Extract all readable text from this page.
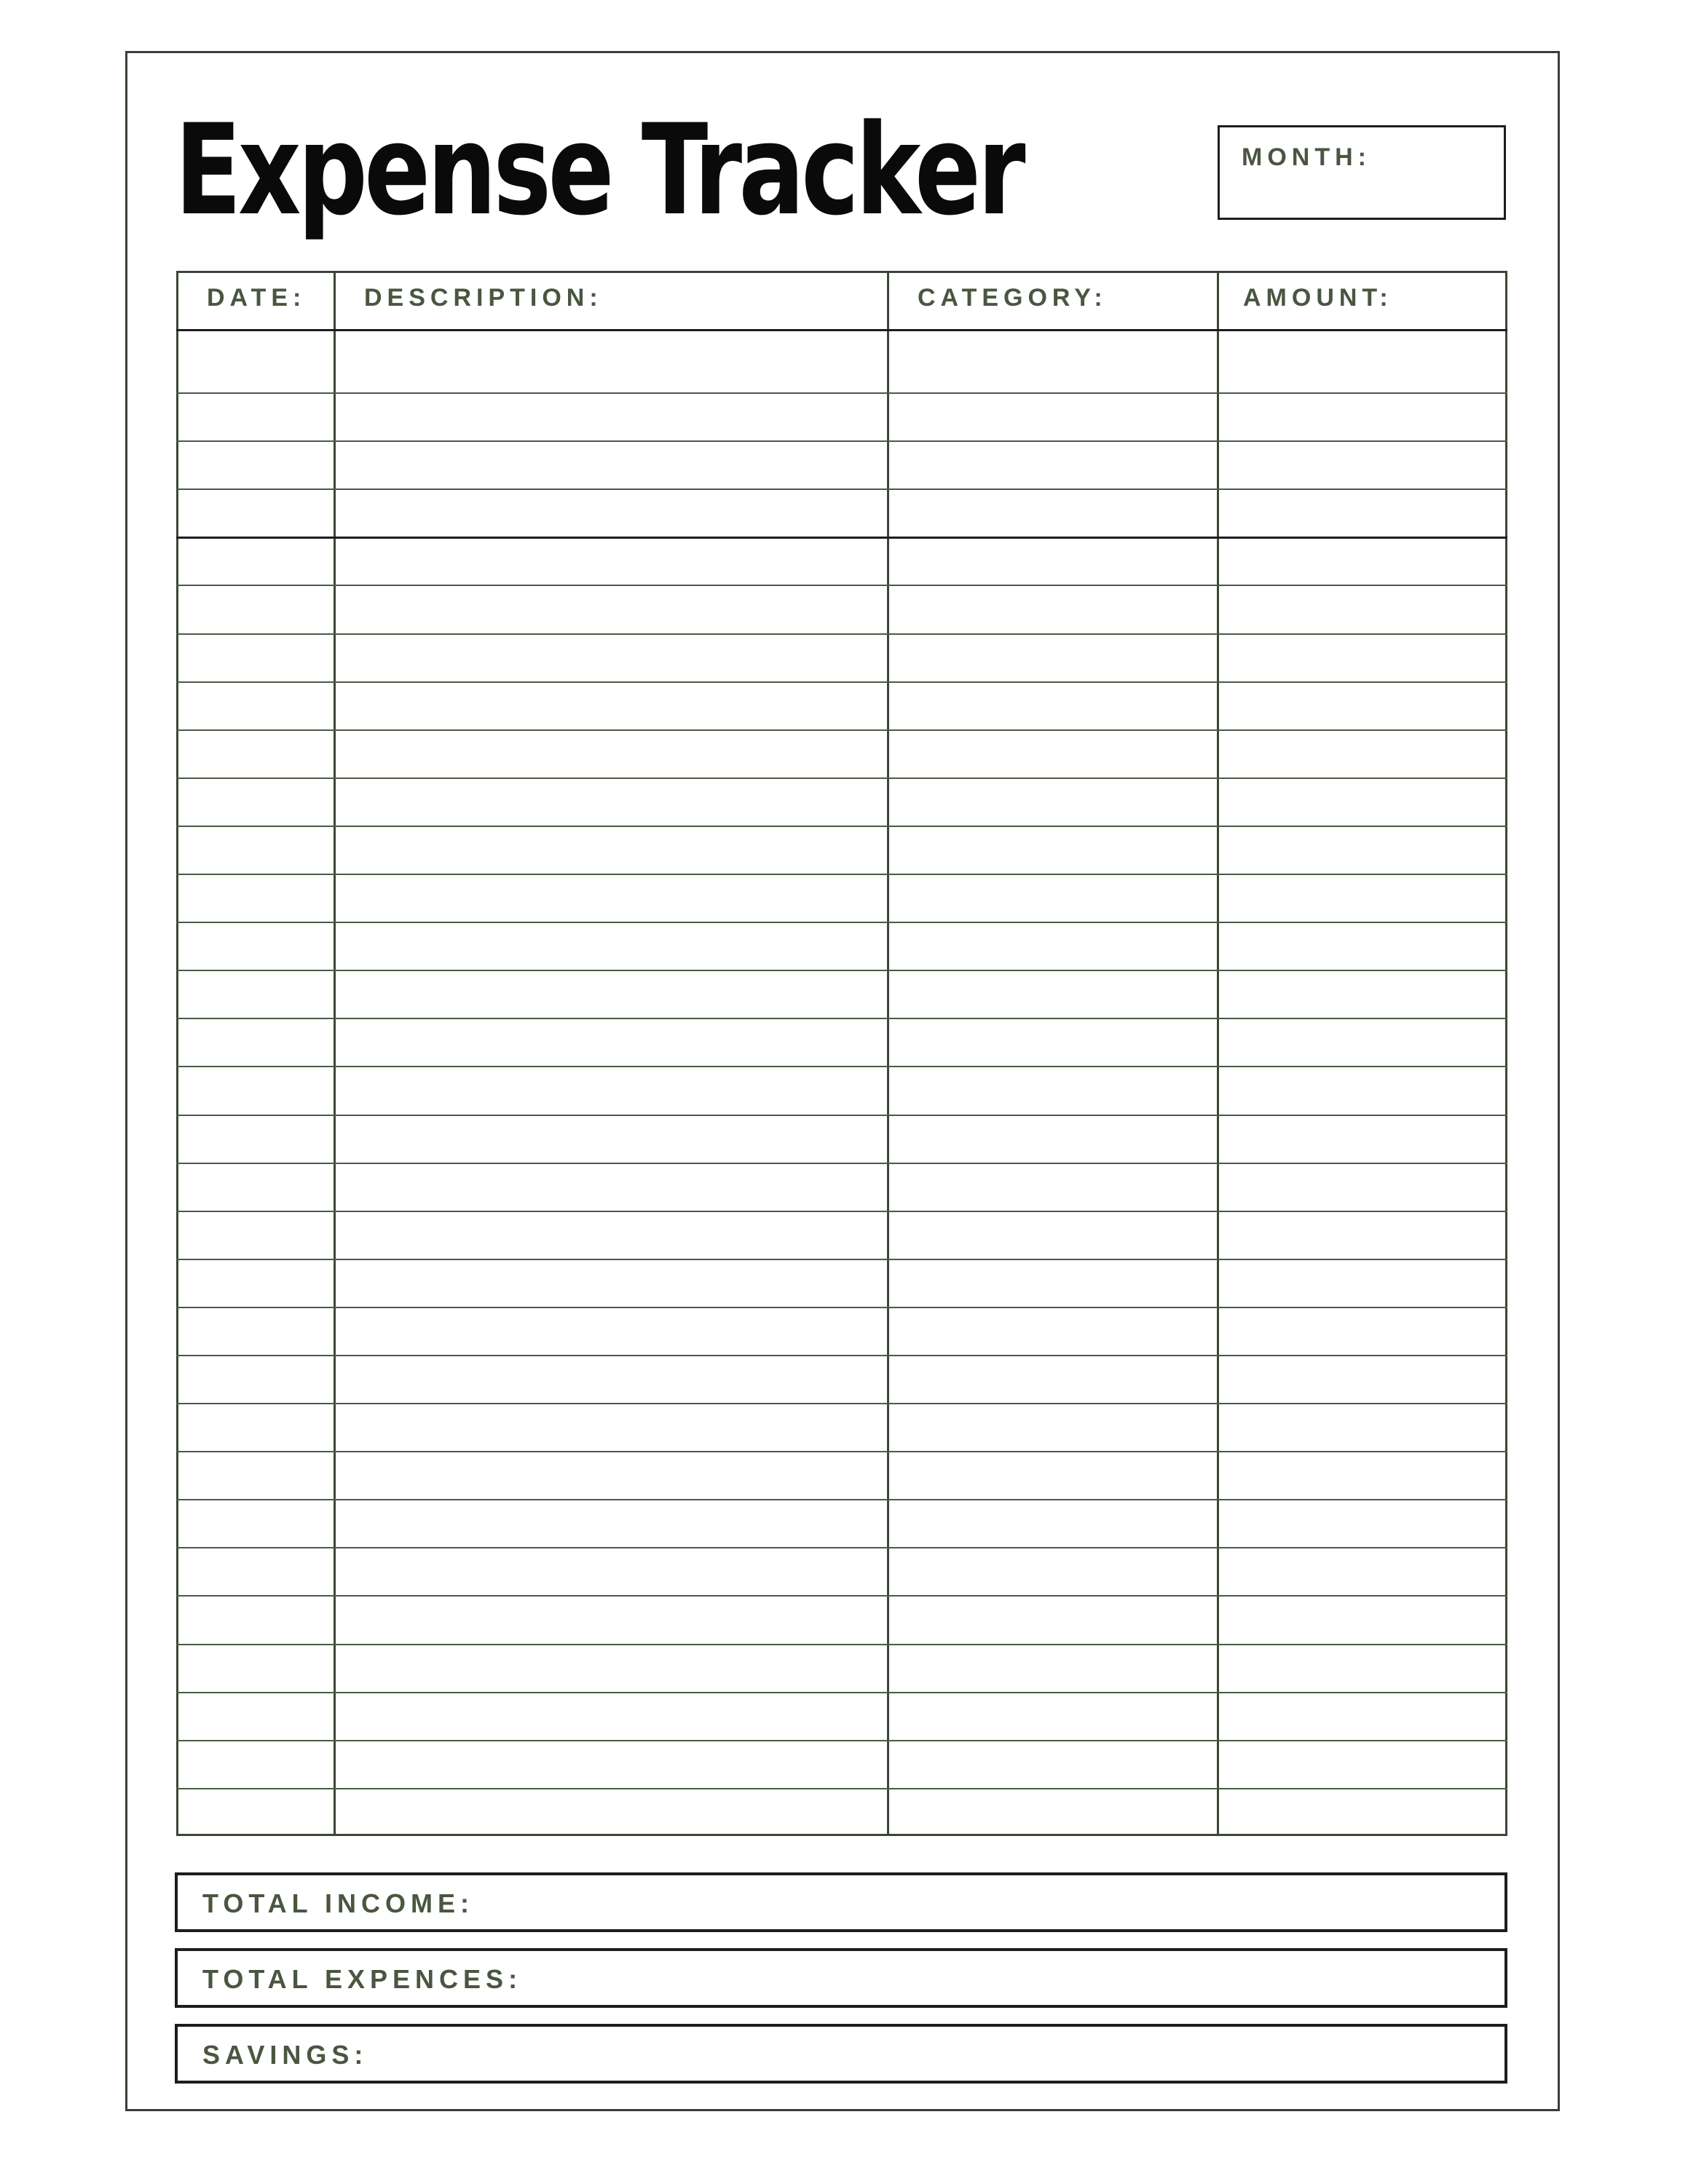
Expense Tracker	MONTH:
DATE: DESCRIPTION:	CATEGORY:	AMOUNT:
TOTAL INCOME:
TOTAL EXPENCES:
SAVINGS:
